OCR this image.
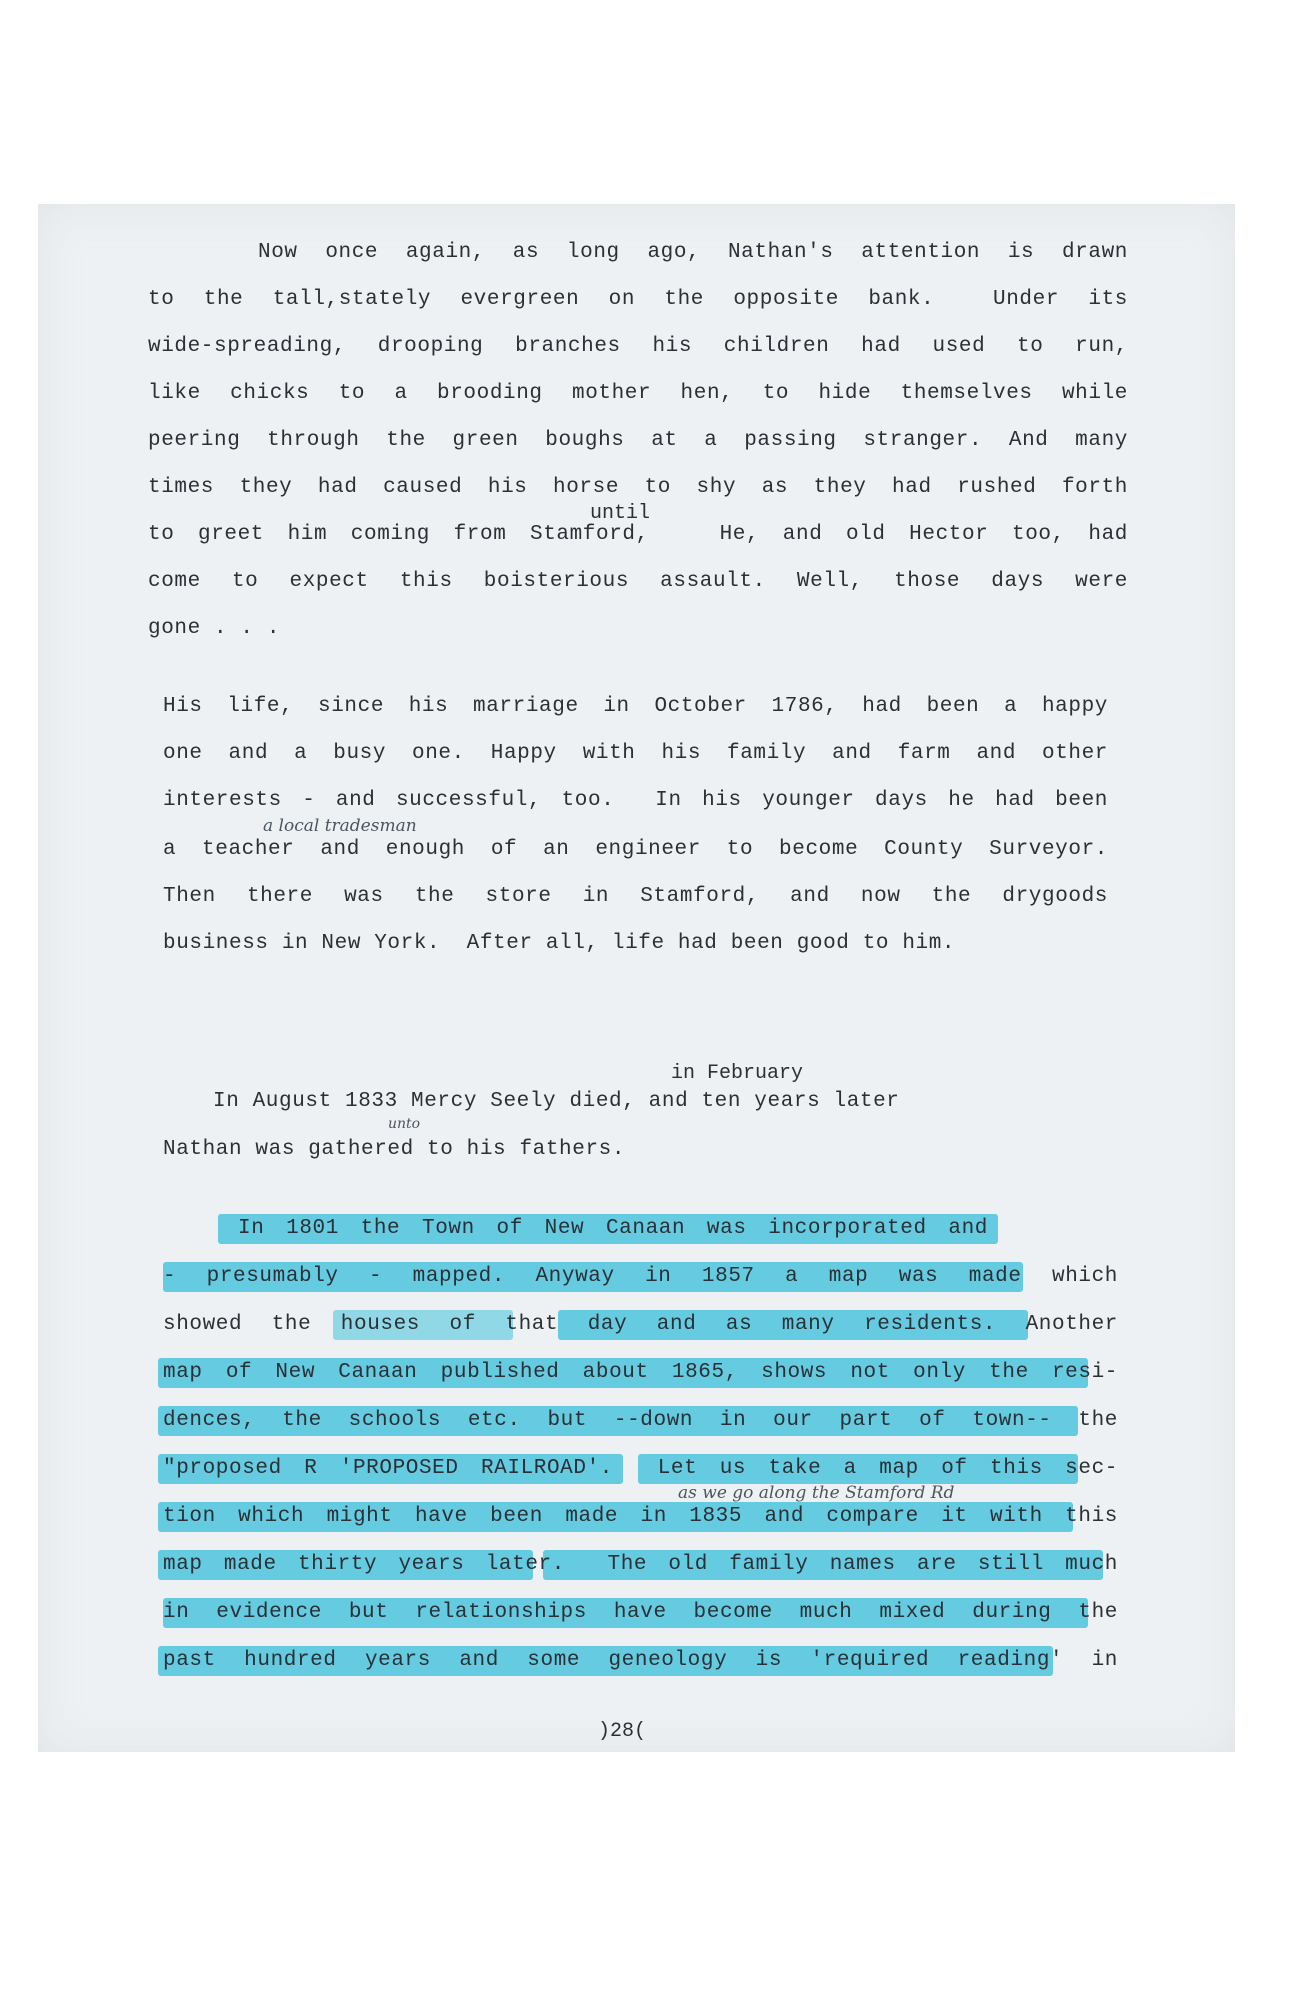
Now once again, as long ago, Nathan's attention is drawn
to the tall,stately evergreen on the opposite bank.  Under its
wide-spreading, drooping branches his children had used to run,
like chicks to a brooding mother hen, to hide themselves while
peering through the green boughs at a passing stranger. And many
times they had caused his horse to shy as they had rushed forth
until
to greet him coming from Stamford,   He, and old Hector too, had
come to expect this boisterious assault. Well, those days were
gone . . .
His life, since his marriage in October 1786, had been a happy
one and a busy one. Happy with his family and farm and other
interests - and successful, too.  In his younger days he had been
a local tradesman
a teacher and enough of an engineer to become County Surveyor.
Then there was the store in Stamford, and now the drygoods
business in New York.  After all, life had been good to him.
in February
In August 1833 Mercy Seely died, and ten years later
unto
Nathan was gathered to his fathers.
In 1801 the Town of New Canaan was incorporated and
- presumably - mapped. Anyway in 1857 a map was made which
showed the houses of that day and as many residents. Another
map of New Canaan published about 1865, shows not only the resi-
dences, the schools etc. but --down in our part of town-- the
"proposed R 'PROPOSED RAILROAD'.  Let us take a map of this sec-
as we go along the Stamford Rd
tion which might have been made in 1835 and compare it with this
map made thirty years later.  The old family names are still much
in evidence but relationships have become much mixed during the
past hundred years and some geneology is 'required reading' in
)28(
